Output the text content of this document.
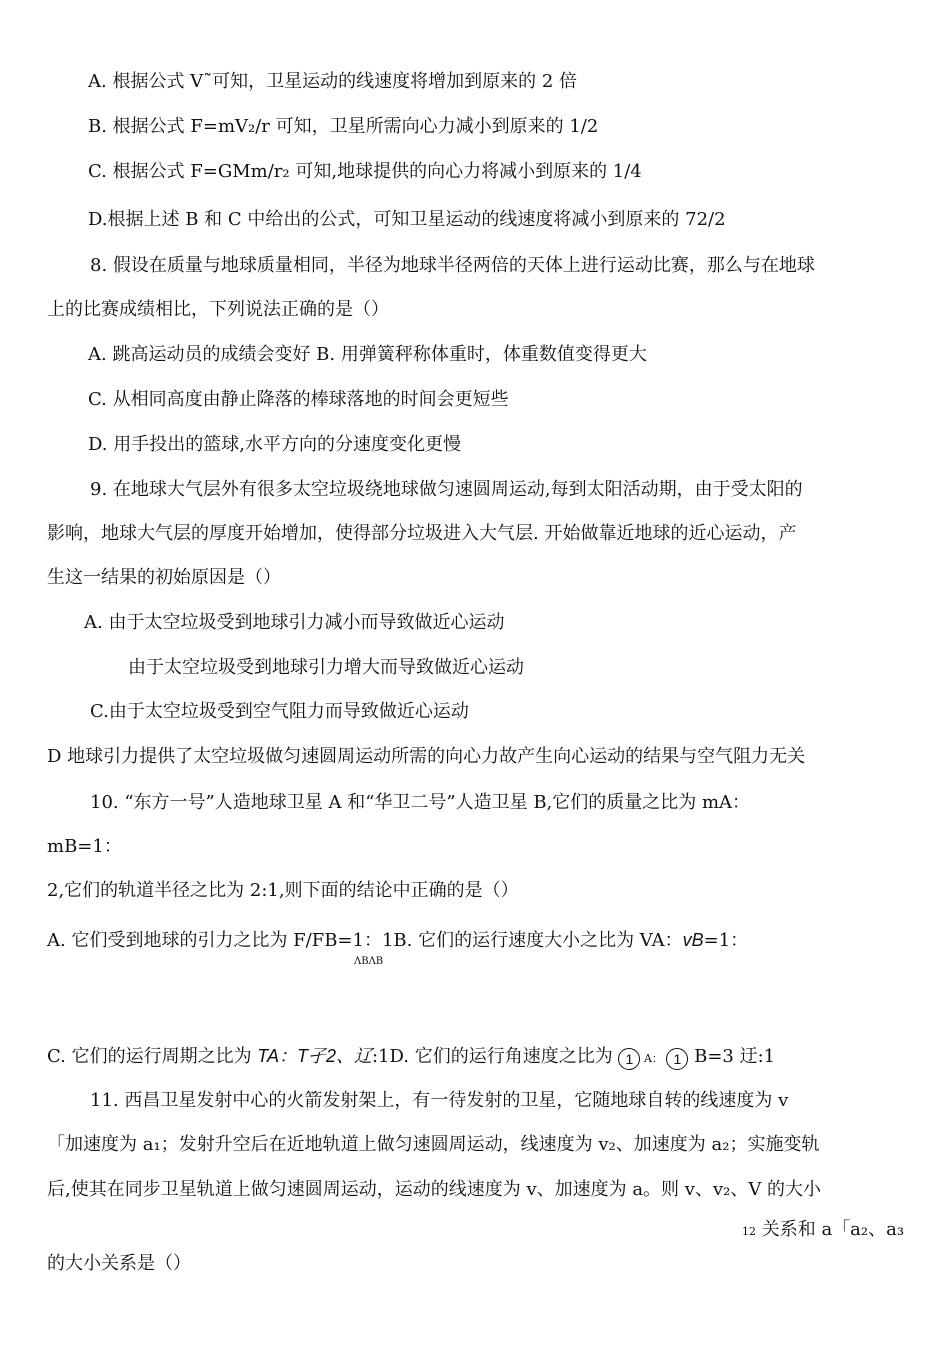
A. 根据公式 V˜可知，卫星运动的线速度将增加到原来的 2 倍
B. 根据公式 F=mV₂/r 可知，卫星所需向心力减小到原来的 1/2
C. 根据公式 F=GMm/r₂ 可知,地球提供的向心力将减小到原来的 1/4
D.根据上述 B 和 C 中给出的公式，可知卫星运动的线速度将减小到原来的 72/2
8. 假设在质量与地球质量相同，半径为地球半径两倍的天体上进行运动比赛，那么与在地球
上的比赛成绩相比，下列说法正确的是（）
A. 跳高运动员的成绩会变好 B. 用弹簧秤称体重时，体重数值变得更大
C. 从相同高度由静止降落的棒球落地的时间会更短些
D. 用手投出的篮球,水平方向的分速度变化更慢
9. 在地球大气层外有很多太空垃圾绕地球做匀速圆周运动,每到太阳活动期，由于受太阳的
影响，地球大气层的厚度开始增加，使得部分垃圾进入大气层. 开始做靠近地球的近心运动，产
生这一结果的初始原因是（）
A. 由于太空垃圾受到地球引力减小而导致做近心运动
由于太空垃圾受到地球引力增大而导致做近心运动
C.由于太空垃圾受到空气阻力而导致做近心运动
D 地球引力提供了太空垃圾做匀速圆周运动所需的向心力故产生向心运动的结果与空气阻力无关
10. “东方一号”人造地球卫星 A 和“华卫二号”人造卫星 B,它们的质量之比为 mA：
mB=1：
2,它们的轨道半径之比为 2:1,则下面的结论中正确的是（）
A. 它们受到地球的引力之比为 F/FB=1：1B. 它们的运行速度大小之比为 VA：vB=1：
ΛBΛB
C. 它们的运行周期之比为 TA：T孑2、辽:1D. 它们的运行角速度之比为 1 A： 1 B=3 迂:1
11. 西昌卫星发射中心的火箭发射架上，有一待发射的卫星，它随地球自转的线速度为 v
「加速度为 a₁；发射升空后在近地轨道上做匀速圆周运动，线速度为 v₂、加速度为 a₂；实施变轨
后,使其在同步卫星轨道上做匀速圆周运动，运动的线速度为 v、加速度为 a。则 v、v₂、V 的大小
12 关系和 a「a₂、a₃
的大小关系是（）
